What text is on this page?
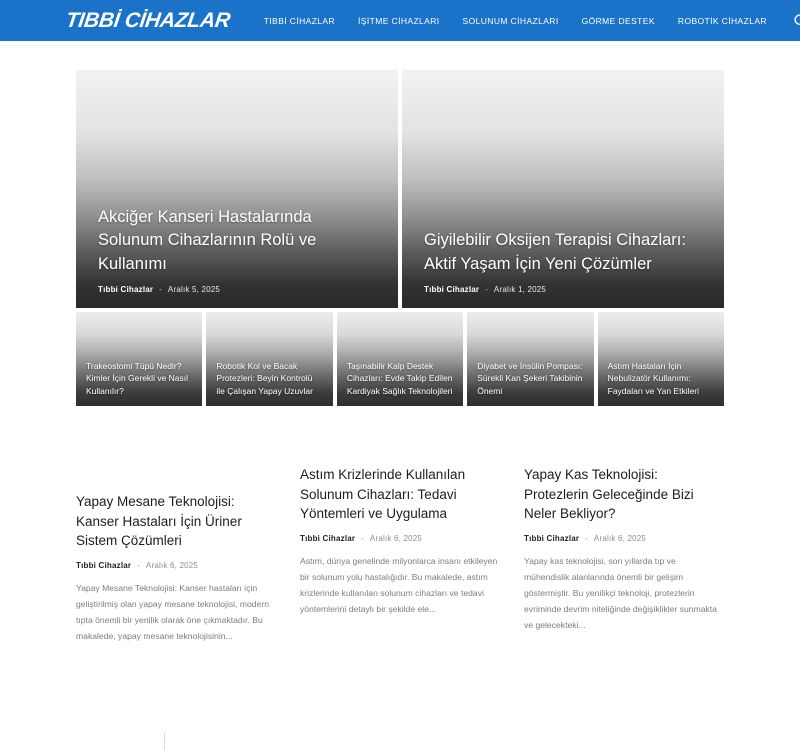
TIBBİ CİHAZLAR	TIBBİ CİHAZLAR	İŞİTME CİHAZLARI	SOLUNUM CİHAZLARI	GÖRME DESTEK	ROBOTİK CİHAZLAR
Akciğer Kanseri Hastalarında Solunum Cihazlarının Rolü ve Kullanımı
Tıbbi Cihazlar - Aralık 5, 2025
Giyilebilir Oksijen Terapisi Cihazları: Aktif Yaşam İçin Yeni Çözümler
Tıbbi Cihazlar - Aralık 1, 2025
Trakeostomi Tüpü Nedir? Kimler İçin Gerekli ve Nasıl Kullanılır?
Robotik Kol ve Bacak Protezleri: Beyin Kontrolü ile Çalışan Yapay Uzuvlar
Taşınabilir Kalp Destek Cihazları: Evde Takip Edilen Kardiyak Sağlık Teknolojileri
Diyabet ve İnsülin Pompası: Sürekli Kan Şekeri Takibinin Önemi
Astım Hastaları İçin Nebulizatör Kullanımı: Faydaları ve Yan Etkileri
Yapay Mesane Teknolojisi: Kanser Hastaları İçin Üriner Sistem Çözümleri
Tıbbi Cihazlar - Aralık 6, 2025

Yapay Mesane Teknolojisi: Kanser hastaları için geliştirilmiş olan yapay mesane teknolojisi, modern tıpta önemli bir yenilik olarak öne çıkmaktadır. Bu makalede, yapay mesane teknolojisinin...

Astım Krizlerinde Kullanılan Solunum Cihazları: Tedavi Yöntemleri ve Uygulama
Tıbbi Cihazlar - Aralık 6, 2025

Astım, dünya genelinde milyonlarca insanı etkileyen bir solunum yolu hastalığıdır. Bu makalede, astım krizlerinde kullanılan solunum cihazları ve tedavi yöntemlerini detaylı bir şekilde ele...

Yapay Kas Teknolojisi: Protezlerin Geleceğinde Bizi Neler Bekliyor?
Tıbbi Cihazlar - Aralık 6, 2025

Yapay kas teknolojisi, son yıllarda tıp ve mühendislik alanlarında önemli bir gelişim göstermiştir. Bu yenilikçi teknoloji, protezlerin evriminde devrim niteliğinde değişiklikler sunmakta ve gelecekteki...
